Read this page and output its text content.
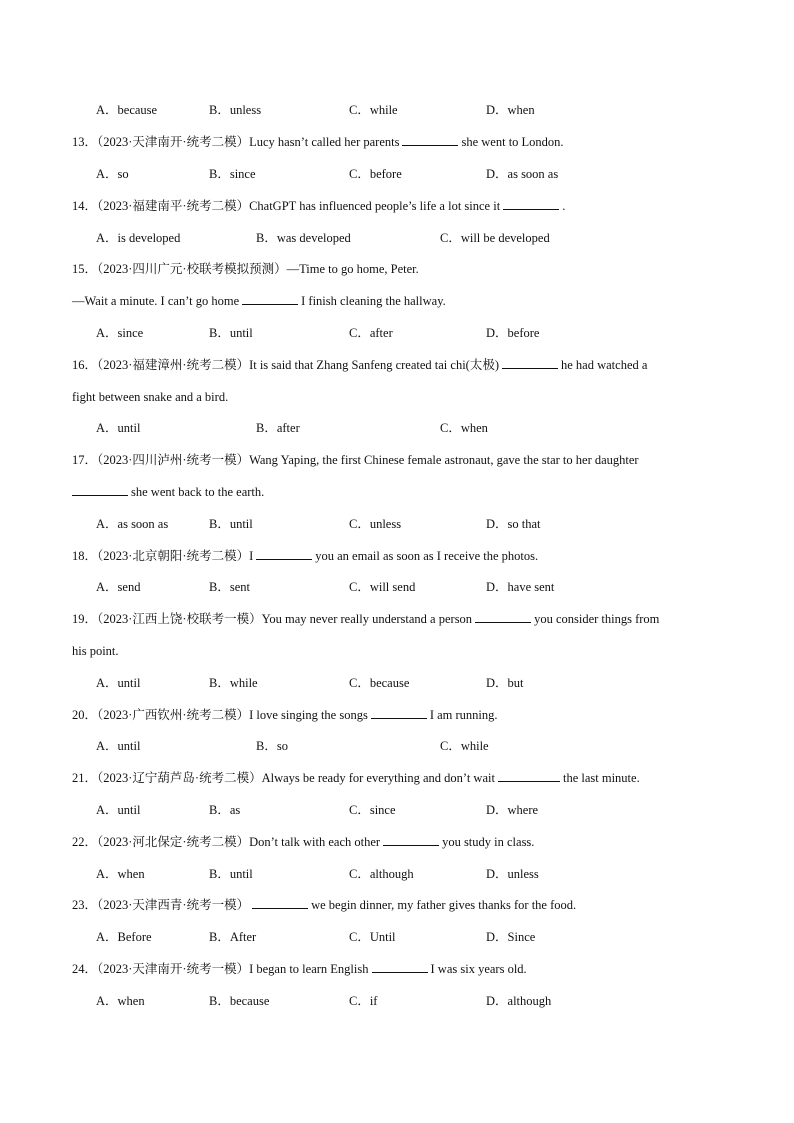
A．because	B．unless	C．while	D．when
13．（2023·天津南开·统考二模）Lucy hasn’t called her parents	she went to London.
A．so	B．since	C．before	D．as soon as
14．（2023·福建南平·统考二模）ChatGPT has influenced people’s life a lot since it	.
A．is developed	B．was developed	C．will be developed
15．（2023·四川广元·校联考模拟预测）—Time to go home, Peter.
—Wait a minute. I can’t go home	I finish cleaning the hallway.
A．since	B．until	C．after	D．before
16．（2023·福建漳州·统考二模）It is said that Zhang Sanfeng created tai chi(太极)	he had watched a
fight between snake and a bird.
A．until	B．after	C．when
17．（2023·四川泸州·统考一模）Wang Yaping, the first Chinese female astronaut, gave the star to her daughter
she went back to the earth.
A．as soon as	B．until	C．unless	D．so that
18．（2023·北京朝阳·统考二模）I	you an email as soon as I receive the photos.
A．send	B．sent	C．will send	D．have sent
19．（2023·江西上饶·校联考一模）You may never really understand a person	you consider things from
his point.
A．until	B．while	C．because	D．but
20．（2023·广西钦州·统考二模）I love singing the songs	I am running.
A．until	B．so	C．while
21．（2023·辽宁葫芦岛·统考二模）Always be ready for everything and don’t wait	the last minute.
A．until	B．as	C．since	D．where
22．（2023·河北保定·统考二模）Don’t talk with each other	you study in class.
A．when	B．until	C．although	D．unless
23．（2023·天津西青·统考一模）	we begin dinner, my father gives thanks for the food.
A．Before	B．After	C．Until	D．Since
24．（2023·天津南开·统考一模）I began to learn English	I was six years old.
A．when	B．because	C．if	D．although
